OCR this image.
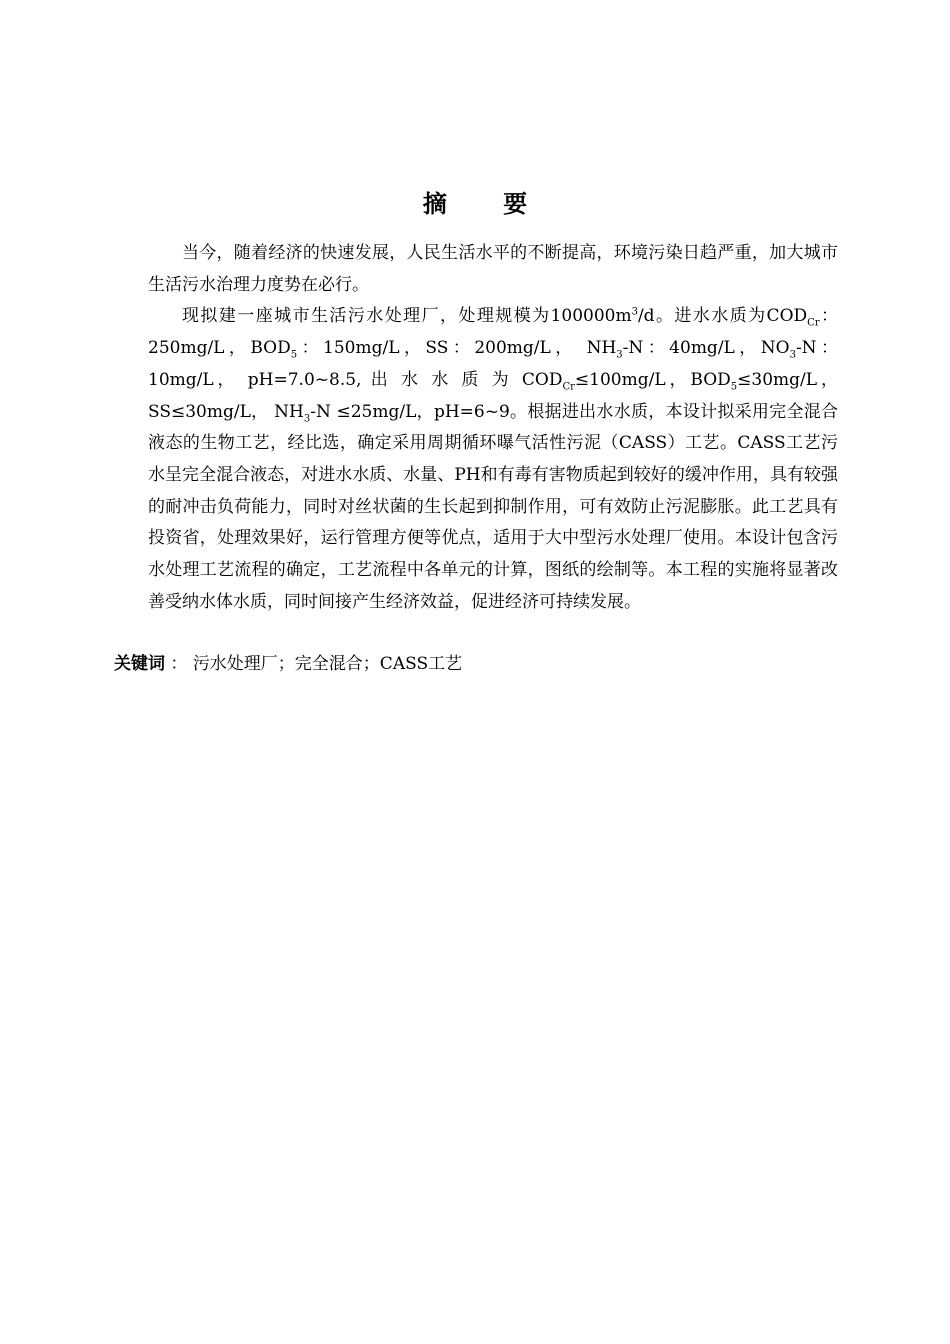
摘 要

当今，随着经济的快速发展，人民生活水平的不断提高，环境污染日趋严重，加大城市生活污水治理力度势在必行。

现拟建一座城市生活污水处理厂，处理规模为$100000m^3/d$。进水水质为$COD_{Cr}$：250mg/L，$BOD_5$：150mg/L，SS：200mg/L， $NH_3-N$：40mg/L，$NO_3-N$：10mg/L， pH=7.0~8.5, 出 水 水 质 为 $COD_{Cr}\le 100mg/L$，$BOD_5\le 30mg/L$，SS≤30mg/L， $NH_3-N \le 25mg/L$，pH=6~9。根据进出水水质，本设计拟采用完全混合液态的生物工艺，经比选，确定采用周期循环曝气活性污泥（CASS）工艺。CASS工艺污水呈完全混合液态，对进水水质、水量、PH和有毒有害物质起到较好的缓冲作用，具有较强的耐冲击负荷能力，同时对丝状菌的生长起到抑制作用，可有效防止污泥膨胀。此工艺具有投资省，处理效果好，运行管理方便等优点，适用于大中型污水处理厂使用。本设计包含污水处理工艺流程的确定，工艺流程中各单元的计算，图纸的绘制等。本工程的实施将显著改善受纳水体水质，同时间接产生经济效益，促进经济可持续发展。

关键词 ： 污水处理厂；完全混合；CASS工艺
